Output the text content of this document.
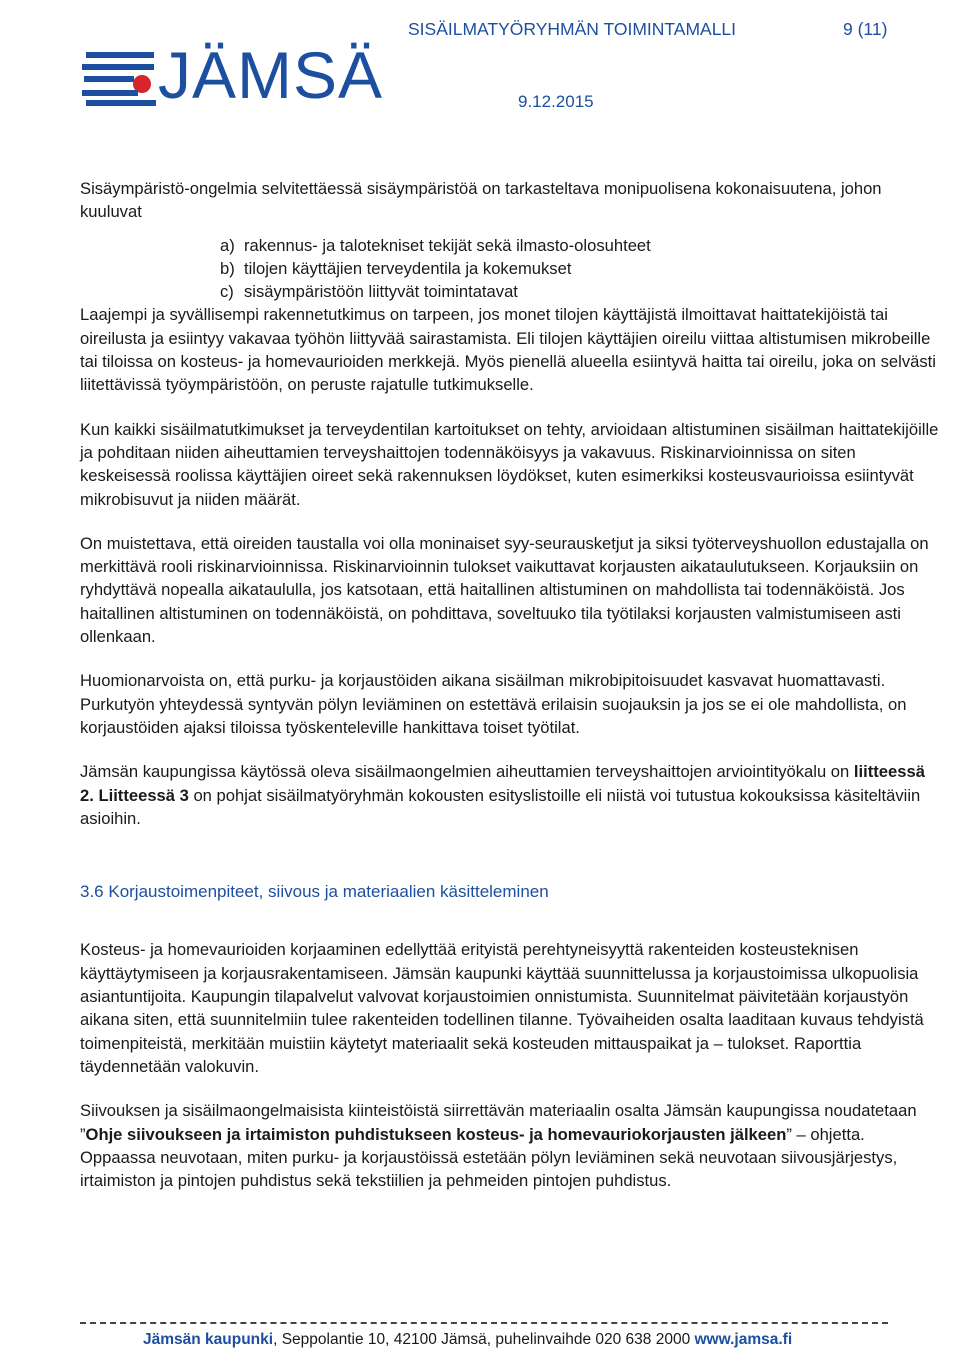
JÄMSÄ
SISÄILMATYÖRYHMÄN TOIMINTAMALLI	9 (11)
9.12.2015

Sisäympäristö-ongelmia selvitettäessä sisäympäristöä on tarkasteltava monipuolisena kokonaisuutena, johon kuuluvat

a) rakennus- ja talotekniset tekijät sekä ilmasto-olosuhteet
b) tilojen käyttäjien terveydentila ja kokemukset
c) sisäympäristöön liittyvät toimintatavat

Laajempi ja syvällisempi rakennetutkimus on tarpeen, jos monet tilojen käyttäjistä ilmoittavat haittatekijöistä tai oireilusta ja esiintyy vakavaa työhön liittyvää sairastamista. Eli tilojen käyttäjien oireilu viittaa altistumisen mikrobeille tai tiloissa on kosteus- ja homevaurioiden merkkejä. Myös pienellä alueella esiintyvä haitta tai oireilu, joka on selvästi liitettävissä työympäristöön, on peruste rajatulle tutkimukselle.

Kun kaikki sisäilmatutkimukset ja terveydentilan kartoitukset on tehty, arvioidaan altistuminen sisäilman haittatekijöille ja pohditaan niiden aiheuttamien terveyshaittojen todennäköisyys ja vakavuus. Riskinarvioinnissa on siten keskeisessä roolissa käyttäjien oireet sekä rakennuksen löydökset, kuten esimerkiksi kosteusvaurioissa esiintyvät mikrobisuvut ja niiden määrät.

On muistettava, että oireiden taustalla voi olla moninaiset syy-seurausketjut ja siksi työterveyshuollon edustajalla on merkittävä rooli riskinarvioinnissa. Riskinarvioinnin tulokset vaikuttavat korjausten aikataulutukseen. Korjauksiin on ryhdyttävä nopealla aikataululla, jos katsotaan, että haitallinen altistuminen on mahdollista tai todennäköistä. Jos haitallinen altistuminen on todennäköistä, on pohdittava, soveltuuko tila työtilaksi korjausten valmistumiseen asti ollenkaan.

Huomionarvoista on, että purku- ja korjaustöiden aikana sisäilman mikrobipitoisuudet kasvavat huomattavasti. Purkutyön yhteydessä syntyvän pölyn leviäminen on estettävä erilaisin suojauksin ja jos se ei ole mahdollista, on korjaustöiden ajaksi tiloissa työskenteleville hankittava toiset työtilat.

Jämsän kaupungissa käytössä oleva sisäilmaongelmien aiheuttamien terveyshaittojen arviointityökalu on liitteessä 2. Liitteessä 3 on pohjat sisäilmatyöryhmän kokousten esityslistoille eli niistä voi tutustua kokouksissa käsiteltäviin asioihin.

3.6 Korjaustoimenpiteet, siivous ja materiaalien käsitteleminen

Kosteus- ja homevaurioiden korjaaminen edellyttää erityistä perehtyneisyyttä rakenteiden kosteusteknisen käyttäytymiseen ja korjausrakentamiseen. Jämsän kaupunki käyttää suunnittelussa ja korjaustoimissa ulkopuolisia asiantuntijoita. Kaupungin tilapalvelut valvovat korjaustoimien onnistumista. Suunnitelmat päivitetään korjaustyön aikana siten, että suunnitelmiin tulee rakenteiden todellinen tilanne. Työvaiheiden osalta laaditaan kuvaus tehdyistä toimenpiteistä, merkitään muistiin käytetyt materiaalit sekä kosteuden mittauspaikat ja – tulokset. Raporttia täydennetään valokuvin.

Siivouksen ja sisäilmaongelmaisista kiinteistöistä siirrettävän materiaalin osalta Jämsän kaupungissa noudatetaan ”Ohje siivoukseen ja irtaimiston puhdistukseen kosteus- ja homevauriokorjausten jälkeen” – ohjetta. Oppaassa neuvotaan, miten purku- ja korjaustöissä estetään pölyn leviäminen sekä neuvotaan siivousjärjestys, irtaimiston ja pintojen puhdistus sekä tekstiilien ja pehmeiden pintojen puhdistus.

Jämsän kaupunki, Seppolantie 10, 42100 Jämsä, puhelinvaihde 020 638 2000 www.jamsa.fi
